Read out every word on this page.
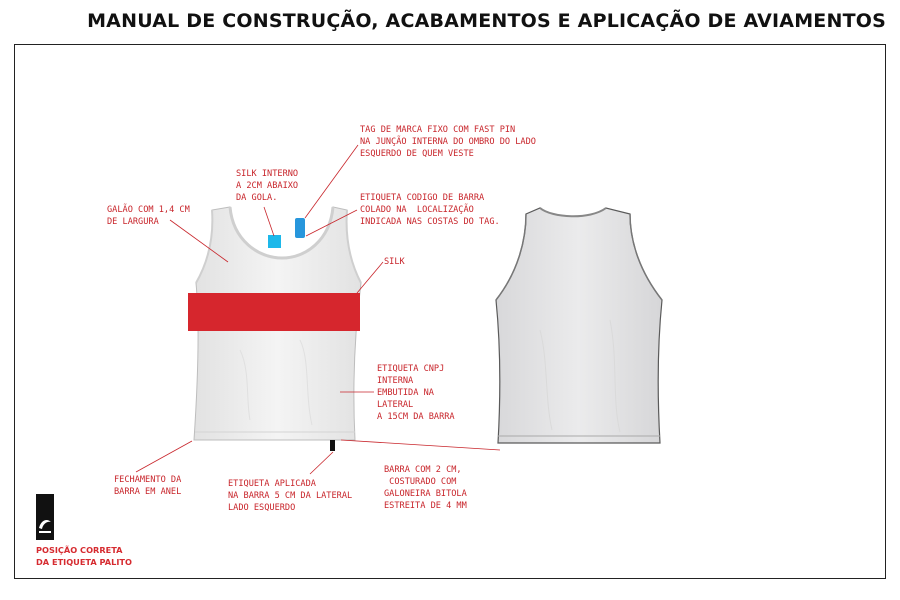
MANUAL DE CONSTRUÇÃO, ACABAMENTOS E APLICAÇÃO DE AVIAMENTOS
TAG DE MARCA FIXO COM FAST PIN
NA JUNÇÃO INTERNA DO OMBRO DO LADO
ESQUERDO DE QUEM VESTE
SILK INTERNO
A 2CM ABAIXO
DA GOLA.
GALÃO COM 1,4 CM
DE LARGURA
ETIQUETA CODIGO DE BARRA
COLADO NA  LOCALIZAÇÃO
INDICADA NAS COSTAS DO TAG.
SILK
ETIQUETA CNPJ
INTERNA
EMBUTIDA NA
LATERAL
A 15CM DA BARRA
FECHAMENTO DA
BARRA EM ANEL
ETIQUETA APLICADA
NA BARRA 5 CM DA LATERAL
LADO ESQUERDO
BARRA COM 2 CM,
COSTURADO COM
GALONEIRA BITOLA
ESTREITA DE 4 MM
POSIÇÃO CORRETA
DA ETIQUETA PALITO
